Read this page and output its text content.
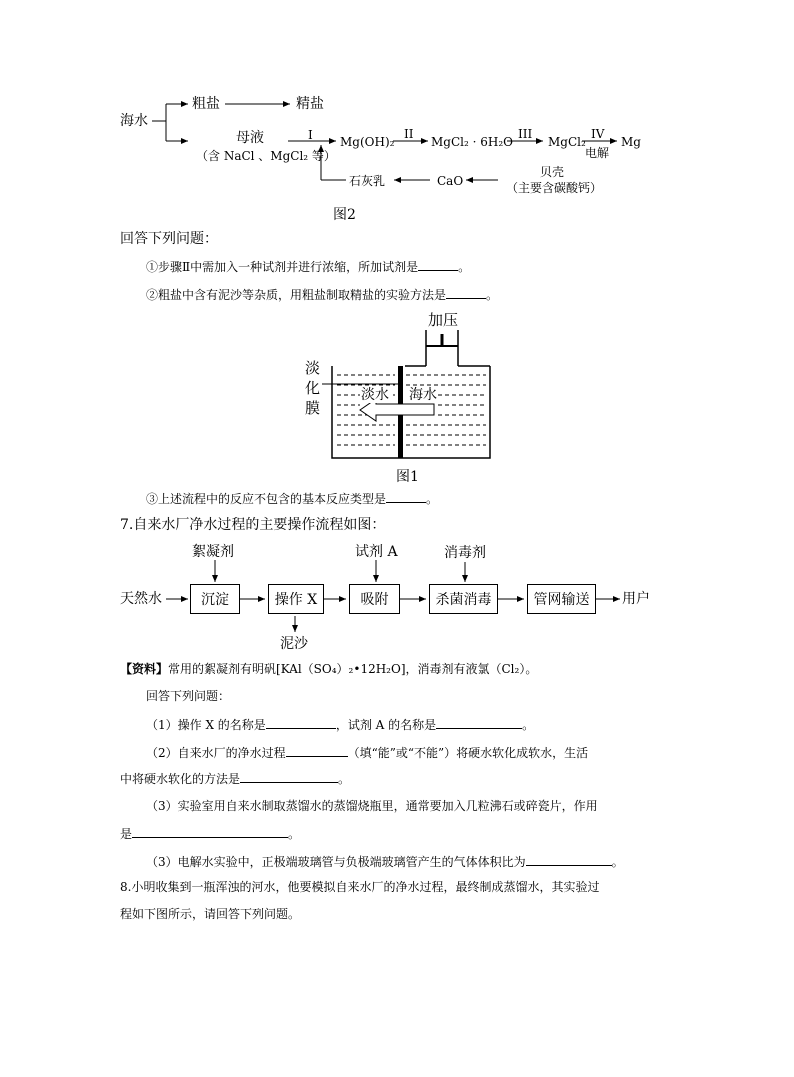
海水
粗盐	精盐
母液
（含 NaCl 、MgCl₂ 等）
I	II	III	IV
Mg(OH)₂	MgCl₂ · 6H₂O	MgCl₂
电解
Mg
贝壳
（主要含碳酸钙）
CaO
石灰乳
图2
回答下列问题：
①步骤Ⅱ中需加入一种试剂并进行浓缩，所加试剂是	。
②粗盐中含有泥沙等杂质，用粗盐制取精盐的实验方法是	。
加压
淡
化
膜
淡水 海水
图1
③上述流程中的反应不包含的基本反应类型是	。
7.自来水厂净水过程的主要操作流程如图：
絮凝剂	试剂 A	消毒剂
天然水	沉淀	操作 X	吸附	杀菌消毒	管网输送	用户
泥沙
【资料】常用的絮凝剂有明矾[KAl（SO₄）₂•12H₂O]，消毒剂有液氯（Cl₂）。
回答下列问题：
（1）操作 X 的名称是	，试剂 A 的名称是	。
（2）自来水厂的净水过程	（填“能”或“不能”）将硬水软化成软水，生活
中将硬水软化的方法是	。
（3）实验室用自来水制取蒸馏水的蒸馏烧瓶里，通常要加入几粒沸石或碎瓷片，作用
是	。
（3）电解水实验中，正极端玻璃管与负极端玻璃管产生的气体体积比为	。
8.小明收集到一瓶浑浊的河水，他要模拟自来水厂的净水过程，最终制成蒸馏水，其实验过
程如下图所示，请回答下列问题。
